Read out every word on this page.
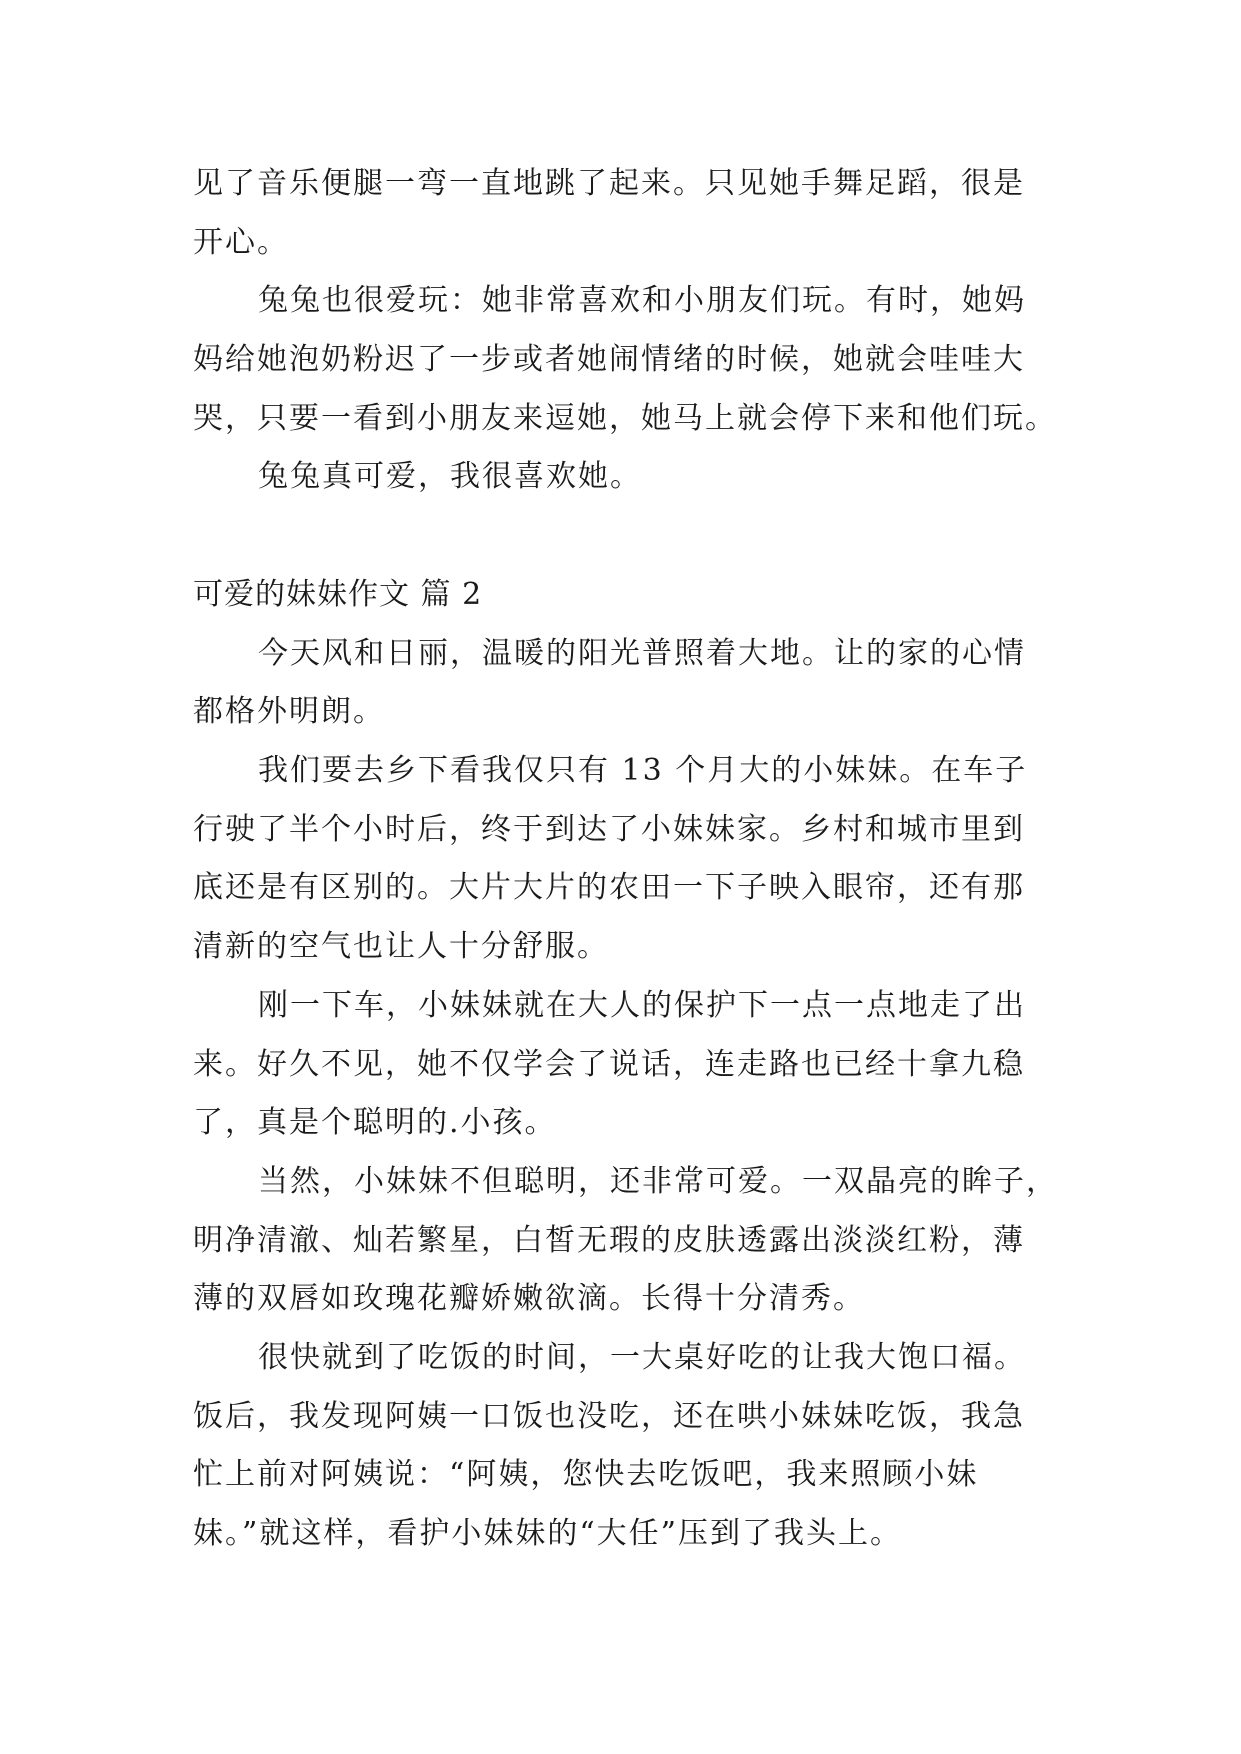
见了音乐便腿一弯一直地跳了起来。只见她手舞足蹈，很是
开心。
兔兔也很爱玩：她非常喜欢和小朋友们玩。有时，她妈
妈给她泡奶粉迟了一步或者她闹情绪的时候，她就会哇哇大
哭，只要一看到小朋友来逗她，她马上就会停下来和他们玩。
兔兔真可爱，我很喜欢她。
可爱的妹妹作文 篇 2
今天风和日丽，温暖的阳光普照着大地。让的家的心情
都格外明朗。
我们要去乡下看我仅只有 13 个月大的小妹妹。在车子
行驶了半个小时后，终于到达了小妹妹家。乡村和城市里到
底还是有区别的。大片大片的农田一下子映入眼帘，还有那
清新的空气也让人十分舒服。
刚一下车，小妹妹就在大人的保护下一点一点地走了出
来。好久不见，她不仅学会了说话，连走路也已经十拿九稳
了，真是个聪明的.小孩。
当然，小妹妹不但聪明，还非常可爱。一双晶亮的眸子，
明净清澈、灿若繁星，白皙无瑕的皮肤透露出淡淡红粉，薄
薄的双唇如玫瑰花瓣娇嫩欲滴。长得十分清秀。
很快就到了吃饭的时间，一大桌好吃的让我大饱口福。
饭后，我发现阿姨一口饭也没吃，还在哄小妹妹吃饭，我急
忙上前对阿姨说：“阿姨，您快去吃饭吧，我来照顾小妹
妹。”就这样，看护小妹妹的“大任”压到了我头上。
